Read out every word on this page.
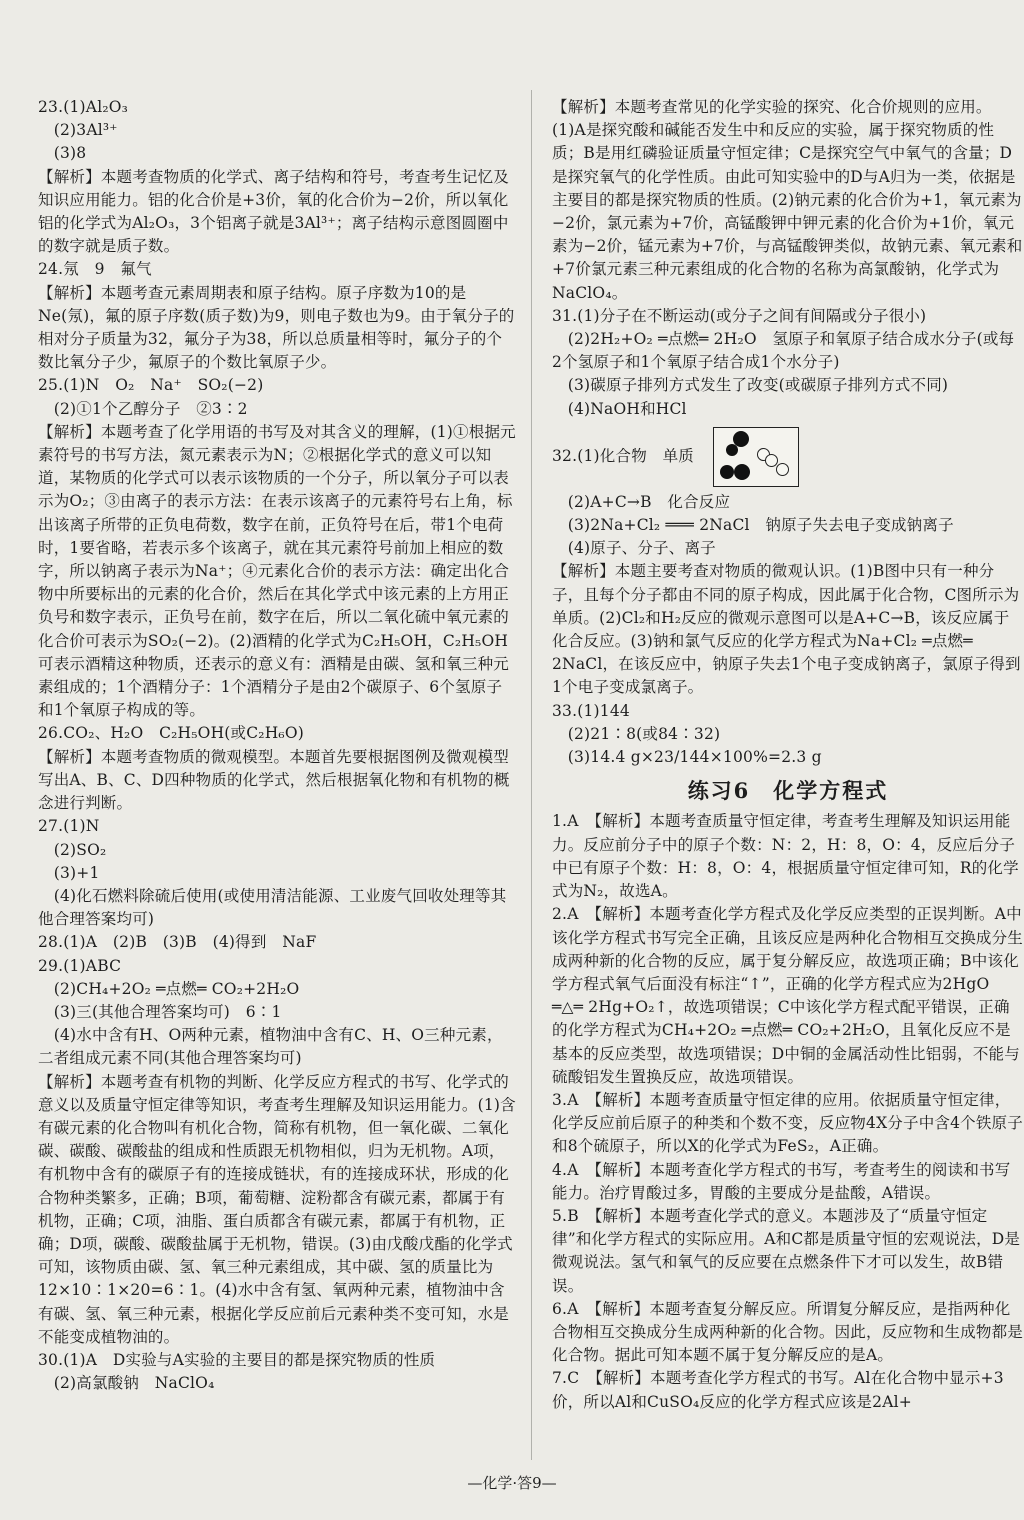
23.(1)Al₂O₃

　(2)3Al³⁺

　(3)8

【解析】本题考查物质的化学式、离子结构和符号，考查考生记忆及知识应用能力。铝的化合价是+3价，氧的化合价为−2价，所以氧化铝的化学式为Al₂O₃，3个铝离子就是3Al³⁺；离子结构示意图圆圈中的数字就是质子数。

24.氖　9　氟气

【解析】本题考查元素周期表和原子结构。原子序数为10的是Ne(氖)，氟的原子序数(质子数)为9，则电子数也为9。由于氧分子的相对分子质量为32，氟分子为38，所以总质量相等时，氟分子的个数比氧分子少，氟原子的个数比氧原子少。

25.(1)N　O₂　Na⁺　SO₂(−2)

　(2)①1个乙醇分子　②3∶2

【解析】本题考查了化学用语的书写及对其含义的理解，(1)①根据元素符号的书写方法，氮元素表示为N；②根据化学式的意义可以知道，某物质的化学式可以表示该物质的一个分子，所以氧分子可以表示为O₂；③由离子的表示方法：在表示该离子的元素符号右上角，标出该离子所带的正负电荷数，数字在前，正负符号在后，带1个电荷时，1要省略，若表示多个该离子，就在其元素符号前加上相应的数字，所以钠离子表示为Na⁺；④元素化合价的表示方法：确定出化合物中所要标出的元素的化合价，然后在其化学式中该元素的上方用正负号和数字表示，正负号在前，数字在后，所以二氧化硫中氧元素的化合价可表示为SO₂(−2)。(2)酒精的化学式为C₂H₅OH，C₂H₅OH可表示酒精这种物质，还表示的意义有：酒精是由碳、氢和氧三种元素组成的；1个酒精分子：1个酒精分子是由2个碳原子、6个氢原子和1个氧原子构成的等。

26.CO₂、H₂O　C₂H₅OH(或C₂H₆O)

【解析】本题考查物质的微观模型。本题首先要根据图例及微观模型写出A、B、C、D四种物质的化学式，然后根据氧化物和有机物的概念进行判断。

27.(1)N

　(2)SO₂

　(3)+1

　(4)化石燃料除硫后使用(或使用清洁能源、工业废气回收处理等其他合理答案均可)

28.(1)A　(2)B　(3)B　(4)得到　NaF

29.(1)ABC

　(2)CH₄+2O₂ ═点燃═ CO₂+2H₂O

　(3)三(其他合理答案均可)　6∶1

　(4)水中含有H、O两种元素，植物油中含有C、H、O三种元素，二者组成元素不同(其他合理答案均可)

【解析】本题考查有机物的判断、化学反应方程式的书写、化学式的意义以及质量守恒定律等知识，考查考生理解及知识运用能力。(1)含有碳元素的化合物叫有机化合物，简称有机物，但一氧化碳、二氧化碳、碳酸、碳酸盐的组成和性质跟无机物相似，归为无机物。A项，有机物中含有的碳原子有的连接成链状，有的连接成环状，形成的化合物种类繁多，正确；B项，葡萄糖、淀粉都含有碳元素，都属于有机物，正确；C项，油脂、蛋白质都含有碳元素，都属于有机物，正确；D项，碳酸、碳酸盐属于无机物，错误。(3)由戊酸戊酯的化学式可知，该物质由碳、氢、氧三种元素组成，其中碳、氢的质量比为12×10∶1×20=6∶1。(4)水中含有氢、氧两种元素，植物油中含有碳、氢、氧三种元素，根据化学反应前后元素种类不变可知，水是不能变成植物油的。

30.(1)A　D实验与A实验的主要目的都是探究物质的性质

　(2)高氯酸钠　NaClO₄

【解析】本题考查常见的化学实验的探究、化合价规则的应用。(1)A是探究酸和碱能否发生中和反应的实验，属于探究物质的性质；B是用红磷验证质量守恒定律；C是探究空气中氧气的含量；D是探究氧气的化学性质。由此可知实验中的D与A归为一类，依据是主要目的都是探究物质的性质。(2)钠元素的化合价为+1，氧元素为−2价，氯元素为+7价，高锰酸钾中钾元素的化合价为+1价，氧元素为−2价，锰元素为+7价，与高锰酸钾类似，故钠元素、氧元素和+7价氯元素三种元素组成的化合物的名称为高氯酸钠，化学式为NaClO₄。

31.(1)分子在不断运动(或分子之间有间隔或分子很小)

　(2)2H₂+O₂ ═点燃═ 2H₂O　氢原子和氧原子结合成水分子(或每2个氢原子和1个氧原子结合成1个水分子)

　(3)碳原子排列方式发生了改变(或碳原子排列方式不同)

　(4)NaOH和HCl

32.(1)化合物　单质

　(2)A+C→B　化合反应

　(3)2Na+Cl₂ ═══ 2NaCl　钠原子失去电子变成钠离子

　(4)原子、分子、离子

【解析】本题主要考查对物质的微观认识。(1)B图中只有一种分子，且每个分子都由不同的原子构成，因此属于化合物，C图所示为单质。(2)Cl₂和H₂反应的微观示意图可以是A+C→B，该反应属于化合反应。(3)钠和氯气反应的化学方程式为Na+Cl₂ ═点燃═ 2NaCl，在该反应中，钠原子失去1个电子变成钠离子，氯原子得到1个电子变成氯离子。

33.(1)144

　(2)21∶8(或84∶32)

　(3)14.4 g×23/144×100%=2.3 g

练习6　化学方程式

1.A　【解析】本题考查质量守恒定律，考查考生理解及知识运用能力。反应前分子中的原子个数：N：2，H：8，O：4，反应后分子中已有原子个数：H：8，O：4，根据质量守恒定律可知，R的化学式为N₂，故选A。

2.A　【解析】本题考查化学方程式及化学反应类型的正误判断。A中该化学方程式书写完全正确，且该反应是两种化合物相互交换成分生成两种新的化合物的反应，属于复分解反应，故选项正确；B中该化学方程式氧气后面没有标注“↑”，正确的化学方程式应为2HgO ═△═ 2Hg+O₂↑，故选项错误；C中该化学方程式配平错误，正确的化学方程式为CH₄+2O₂ ═点燃═ CO₂+2H₂O，且氧化反应不是基本的反应类型，故选项错误；D中铜的金属活动性比铝弱，不能与硫酸铝发生置换反应，故选项错误。

3.A　【解析】本题考查质量守恒定律的应用。依据质量守恒定律，化学反应前后原子的种类和个数不变，反应物4X分子中含4个铁原子和8个硫原子，所以X的化学式为FeS₂，A正确。

4.A　【解析】本题考查化学方程式的书写，考查考生的阅读和书写能力。治疗胃酸过多，胃酸的主要成分是盐酸，A错误。

5.B　【解析】本题考查化学式的意义。本题涉及了“质量守恒定律”和化学方程式的实际应用。A和C都是质量守恒的宏观说法，D是微观说法。氢气和氧气的反应要在点燃条件下才可以发生，故B错误。

6.A　【解析】本题考查复分解反应。所谓复分解反应，是指两种化合物相互交换成分生成两种新的化合物。因此，反应物和生成物都是化合物。据此可知本题不属于复分解反应的是A。

7.C　【解析】本题考查化学方程式的书写。Al在化合物中显示+3价，所以Al和CuSO₄反应的化学方程式应该是2Al+

—化学·答9—
